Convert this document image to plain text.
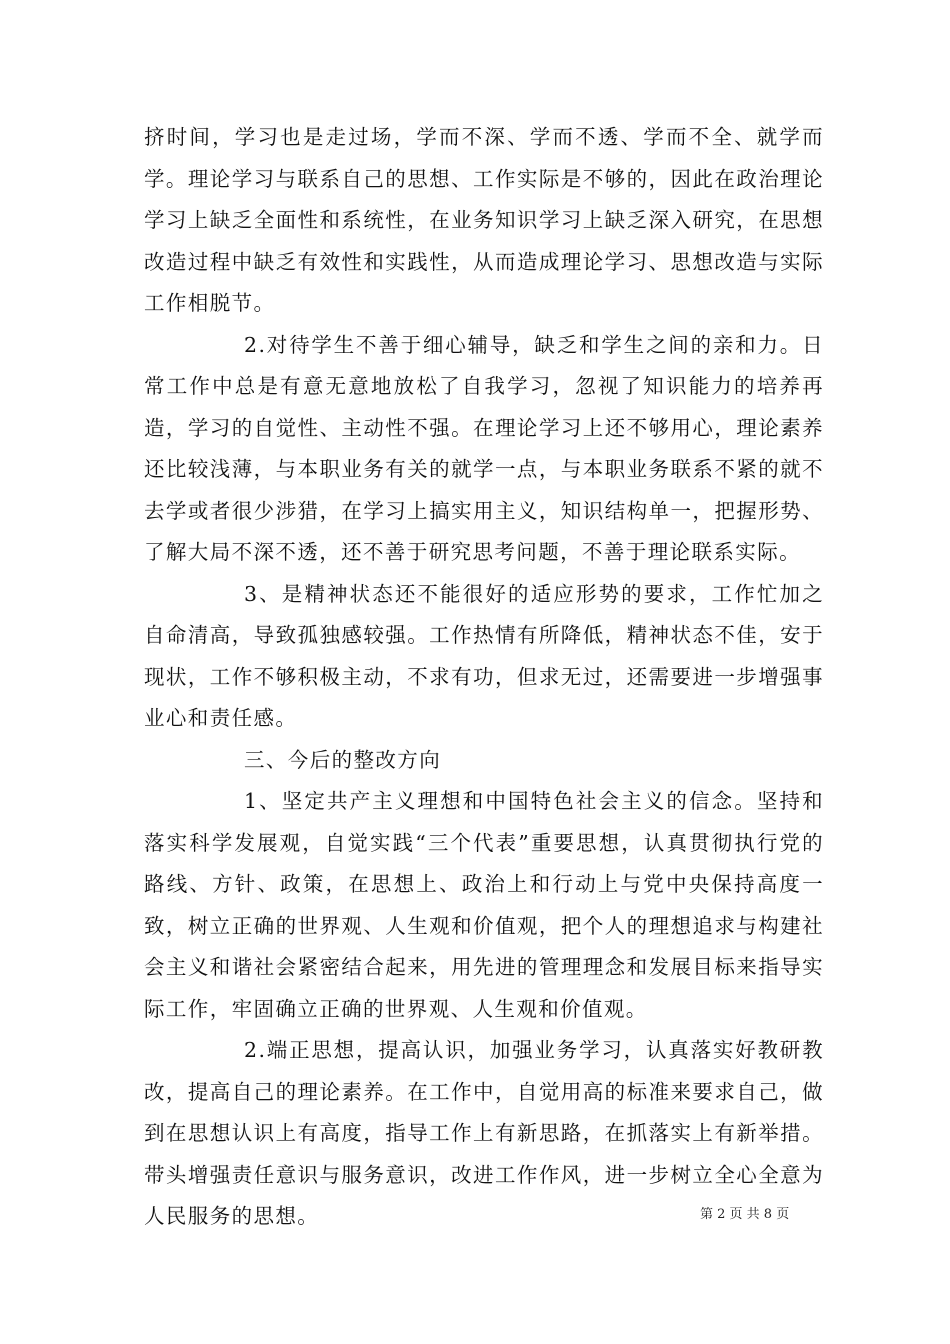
挤时间，学习也是走过场，学而不深、学而不透、学而不全、就学而学。理论学习与联系自己的思想、工作实际是不够的，因此在政治理论学习上缺乏全面性和系统性，在业务知识学习上缺乏深入研究，在思想改造过程中缺乏有效性和实践性，从而造成理论学习、思想改造与实际工作相脱节。

2.对待学生不善于细心辅导，缺乏和学生之间的亲和力。日常工作中总是有意无意地放松了自我学习，忽视了知识能力的培养再造，学习的自觉性、主动性不强。在理论学习上还不够用心，理论素养还比较浅薄，与本职业务有关的就学一点，与本职业务联系不紧的就不去学或者很少涉猎，在学习上搞实用主义，知识结构单一，把握形势、了解大局不深不透，还不善于研究思考问题，不善于理论联系实际。

3、是精神状态还不能很好的适应形势的要求，工作忙加之自命清高，导致孤独感较强。工作热情有所降低，精神状态不佳，安于现状，工作不够积极主动，不求有功，但求无过，还需要进一步增强事业心和责任感。

三、今后的整改方向

1、坚定共产主义理想和中国特色社会主义的信念。坚持和落实科学发展观，自觉实践“三个代表”重要思想，认真贯彻执行党的路线、方针、政策，在思想上、政治上和行动上与党中央保持高度一致，树立正确的世界观、人生观和价值观，把个人的理想追求与构建社会主义和谐社会紧密结合起来，用先进的管理理念和发展目标来指导实际工作，牢固确立正确的世界观、人生观和价值观。

2.端正思想，提高认识，加强业务学习，认真落实好教研教改，提高自己的理论素养。在工作中，自觉用高的标准来要求自己，做到在思想认识上有高度，指导工作上有新思路，在抓落实上有新举措。带头增强责任意识与服务意识，改进工作作风，进一步树立全心全意为人民服务的思想。	第 2 页 共 8 页
